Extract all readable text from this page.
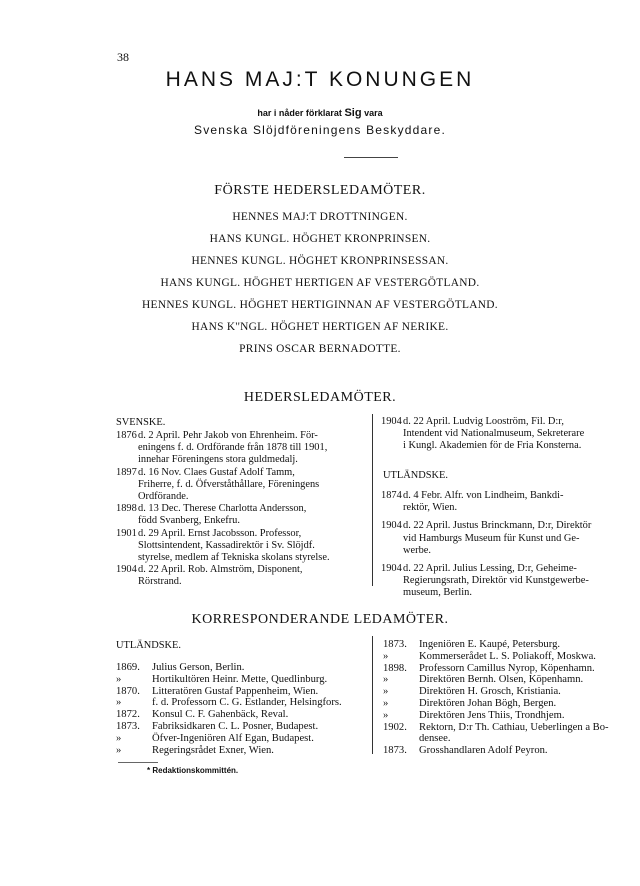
38
HANS MAJ:T KONUNGEN
har i nåder förklarat Sig vara
Svenska Slöjdföreningens Beskyddare.
FÖRSTE HEDERSLEDAMÖTER.
HENNES MAJ:T DROTTNINGEN.
HANS KUNGL. HÖGHET KRONPRINSEN.
HENNES KUNGL. HÖGHET KRONPRINSESSAN.
HANS KUNGL. HÖGHET HERTIGEN AF VESTERGÖTLAND.
HENNES KUNGL. HÖGHET HERTIGINNAN AF VESTERGÖTLAND.
HANS K''NGL. HÖGHET HERTIGEN AF NERIKE.
PRINS OSCAR BERNADOTTE.
HEDERSLEDAMÖTER.
SVENSKE.
1876 d. 2 April. Pehr Jakob von Ehrenheim. För-
eningens f. d. Ordförande från 1878 till 1901,
innehar Föreningens stora guldmedalj.
1897 d. 16 Nov. Claes Gustaf Adolf Tamm,
Friherre, f. d. Öfverståthållare, Föreningens
Ordförande.
1898 d. 13 Dec. Therese Charlotta Andersson,
född Svanberg, Enkefru.
1901 d. 29 April. Ernst Jacobsson. Professor,
Slottsintendent, Kassadirektör i Sv. Slöjdf.
styrelse, medlem af Tekniska skolans styrelse.
1904 d. 22 April. Rob. Almström, Disponent,
Rörstrand.
1904 d. 22 April. Ludvig Looström, Fil. D:r,
Intendent vid Nationalmuseum, Sekreterare
i Kungl. Akademien för de Fria Konsterna.
UTLÄNDSKE.
1874 d. 4 Febr. Alfr. von Lindheim, Bankdi-
rektör, Wien.
1904 d. 22 April. Justus Brinckmann, D:r, Direktör
vid Hamburgs Museum für Kunst und Ge-
werbe.
1904 d. 22 April. Julius Lessing, D:r, Geheime-
Regierungsrath, Direktör vid Kunstgewerbe-
museum, Berlin.
KORRESPONDERANDE LEDAMÖTER.
UTLÄNDSKE.
1869. Julius Gerson, Berlin.
»	Hortikultören Heinr. Mette, Quedlinburg.
1870. Litteratören Gustaf Pappenheim, Wien.
»	f. d. Professorn C. G. Estlander, Helsingfors.
1872. Konsul C. F. Gahenbäck, Reval.
1873. Fabriksidkaren C. L. Posner, Budapest.
»	Öfver-Ingeniören Alf Egan, Budapest.
»	Regeringsrådet Exner, Wien.
1873. Ingeniören E. Kaupé, Petersburg.
»	Kommerserådet L. S. Poliakoff, Moskwa.
1898. Professorn Camillus Nyrop, Köpenhamn.
»	Direktören Bernh. Olsen, Köpenhamn.
»	Direktören H. Grosch, Kristiania.
»	Direktören Johan Bögh, Bergen.
»	Direktören Jens Thiis, Trondhjem.
1902. Rektorn, D:r Th. Cathiau, Ueberlingen a Bo-
densee.
1873. Grosshandlaren Adolf Peyron.
* Redaktionskommittén.
